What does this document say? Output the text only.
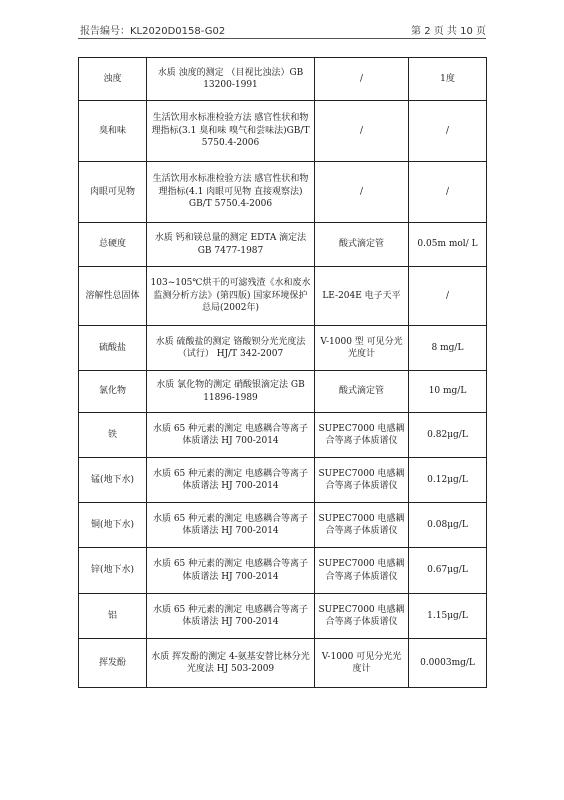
报告编号：KL2020D0158-G02	第 2 页 共 10 页
浊度	水质 浊度的测定 （目视比浊法）GB 13200-1991	/	1度
臭和味	生活饮用水标准检验方法 感官性状和物理指标(3.1 臭和味 嗅气和尝味法)GB/T 5750.4-2006	/	/
肉眼可见物	生活饮用水标准检验方法 感官性状和物理指标(4.1 肉眼可见物 直接观察法) GB/T 5750.4-2006	/	/
总硬度	水质 钙和镁总量的测定 EDTA 滴定法 GB 7477-1987	酸式滴定管	0.05m mol/ L
溶解性总固体	103~105℃烘干的可滤残渣《水和废水监测分析方法》(第四版) 国家环境保护总局(2002年)	LE-204E 电子天平	/
硫酸盐	水质 硫酸盐的测定 铬酸钡分光光度法（试行） HJ/T 342-2007	V-1000 型 可见分光光度计	8 mg/L
氯化物	水质 氯化物的测定 硝酸银滴定法 GB 11896-1989	酸式滴定管	10 mg/L
铁	水质 65 种元素的测定 电感耦合等离子体质谱法 HJ 700-2014	SUPEC7000 电感耦合等离子体质谱仪	0.82μg/L
锰(地下水)	水质 65 种元素的测定 电感耦合等离子体质谱法 HJ 700-2014	SUPEC7000 电感耦合等离子体质谱仪	0.12μg/L
铜(地下水)	水质 65 种元素的测定 电感耦合等离子体质谱法 HJ 700-2014	SUPEC7000 电感耦合等离子体质谱仪	0.08μg/L
锌(地下水)	水质 65 种元素的测定 电感耦合等离子体质谱法 HJ 700-2014	SUPEC7000 电感耦合等离子体质谱仪	0.67μg/L
铝	水质 65 种元素的测定 电感耦合等离子体质谱法 HJ 700-2014	SUPEC7000 电感耦合等离子体质谱仪	1.15μg/L
挥发酚	水质 挥发酚的测定 4-氨基安替比林分光光度法 HJ 503-2009	V-1000 可见分光光度计	0.0003mg/L
